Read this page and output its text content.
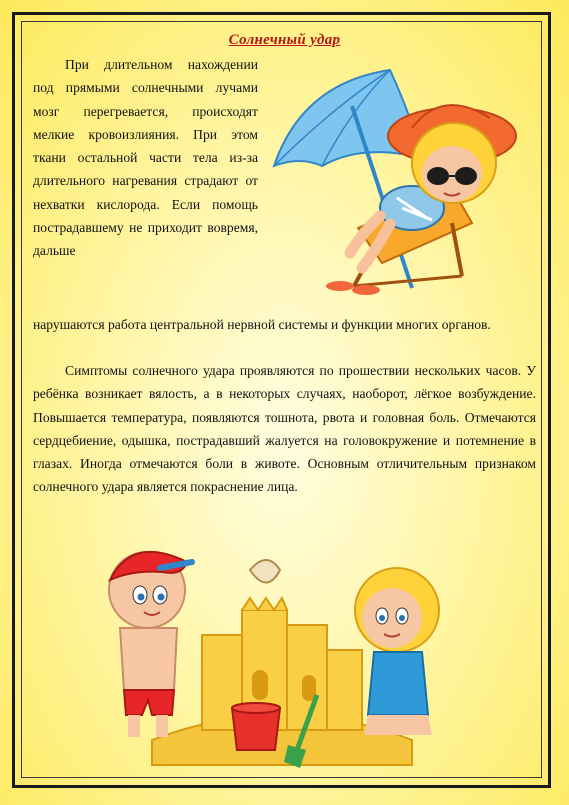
Солнечный удар

При длительном нахождении под прямыми солнечными лучами мозг перегревается, происходят мелкие кровоизлияния. При этом ткани остальной части тела из-за длительного нагревания страдают от нехватки кислорода. Если помощь пострадавшему не приходит вовремя, дальше

нарушаются работа центральной нервной системы и функции многих органов.

Симптомы солнечного удара проявляются по прошествии нескольких часов. У ребёнка возникает вялость, а в некоторых случаях, наоборот, лёгкое возбуждение. Повышается температура, появляются тошнота, рвота и головная боль. Отмечаются сердцебиение, одышка, пострадавший жалуется на головокружение и потемнение в глазах. Иногда отмечаются боли в животе. Основным отличительным признаком солнечного удара является покраснение лица.
